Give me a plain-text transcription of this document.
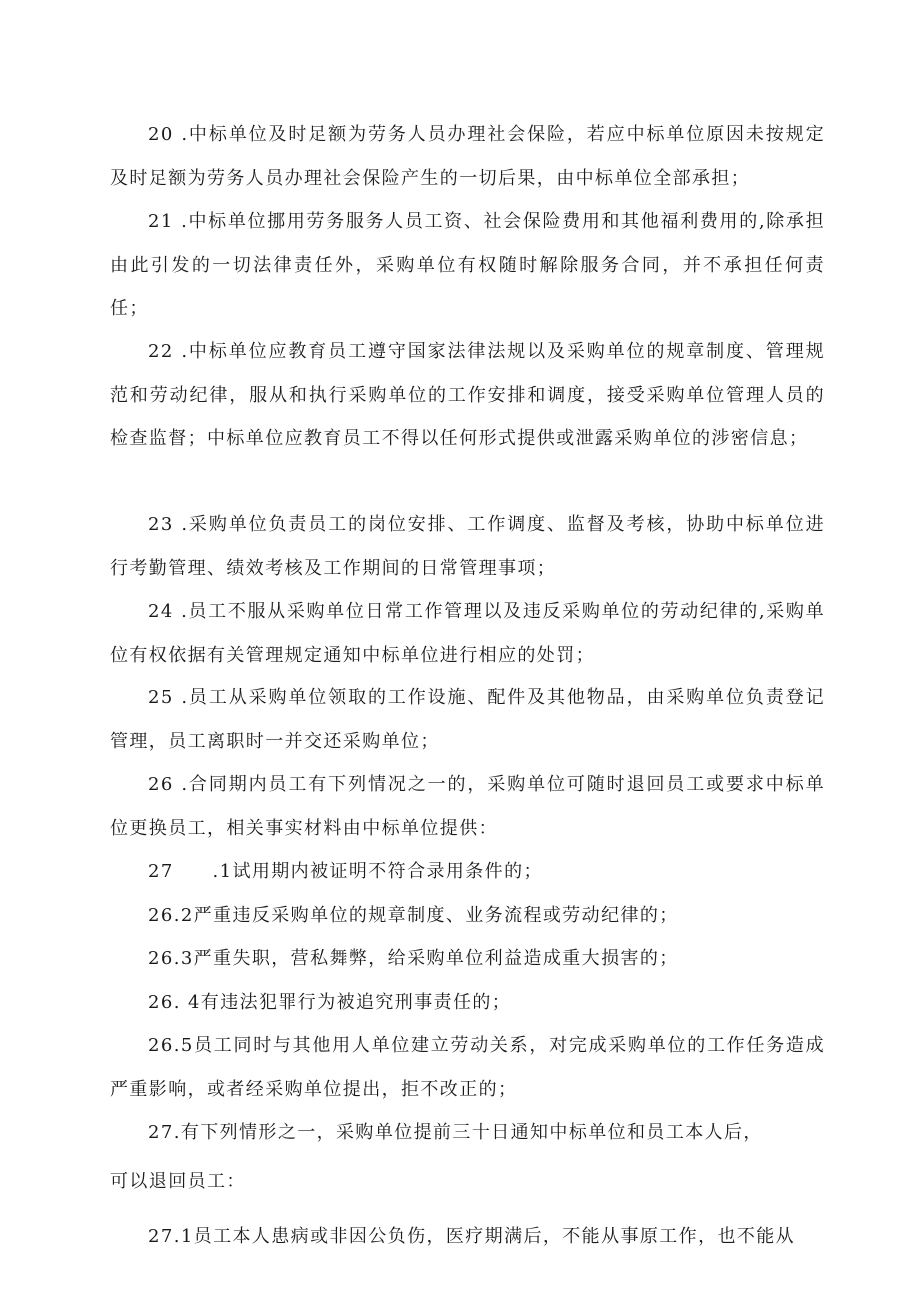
20 .中标单位及时足额为劳务人员办理社会保险，若应中标单位原因未按规定及时足额为劳务人员办理社会保险产生的一切后果，由中标单位全部承担；

21 .中标单位挪用劳务服务人员工资、社会保险费用和其他福利费用的,除承担由此引发的一切法律责任外，采购单位有权随时解除服务合同，并不承担任何责任；

22 .中标单位应教育员工遵守国家法律法规以及采购单位的规章制度、管理规范和劳动纪律，服从和执行采购单位的工作安排和调度，接受采购单位管理人员的检查监督；中标单位应教育员工不得以任何形式提供或泄露采购单位的涉密信息；

23 .采购单位负责员工的岗位安排、工作调度、监督及考核，协助中标单位进行考勤管理、绩效考核及工作期间的日常管理事项；

24 .员工不服从采购单位日常工作管理以及违反采购单位的劳动纪律的,采购单位有权依据有关管理规定通知中标单位进行相应的处罚；

25 .员工从采购单位领取的工作设施、配件及其他物品，由采购单位负责登记管理，员工离职时一并交还采购单位；

26 .合同期内员工有下列情况之一的，采购单位可随时退回员工或要求中标单位更换员工，相关事实材料由中标单位提供：

27　　.1试用期内被证明不符合录用条件的；

26.2严重违反采购单位的规章制度、业务流程或劳动纪律的；

26.3严重失职，营私舞弊，给采购单位利益造成重大损害的；

26. 4有违法犯罪行为被追究刑事责任的；

26.5员工同时与其他用人单位建立劳动关系，对完成采购单位的工作任务造成严重影响，或者经采购单位提出，拒不改正的；

27.有下列情形之一，采购单位提前三十日通知中标单位和员工本人后，

可以退回员工：

27.1员工本人患病或非因公负伤，医疗期满后，不能从事原工作，也不能从
